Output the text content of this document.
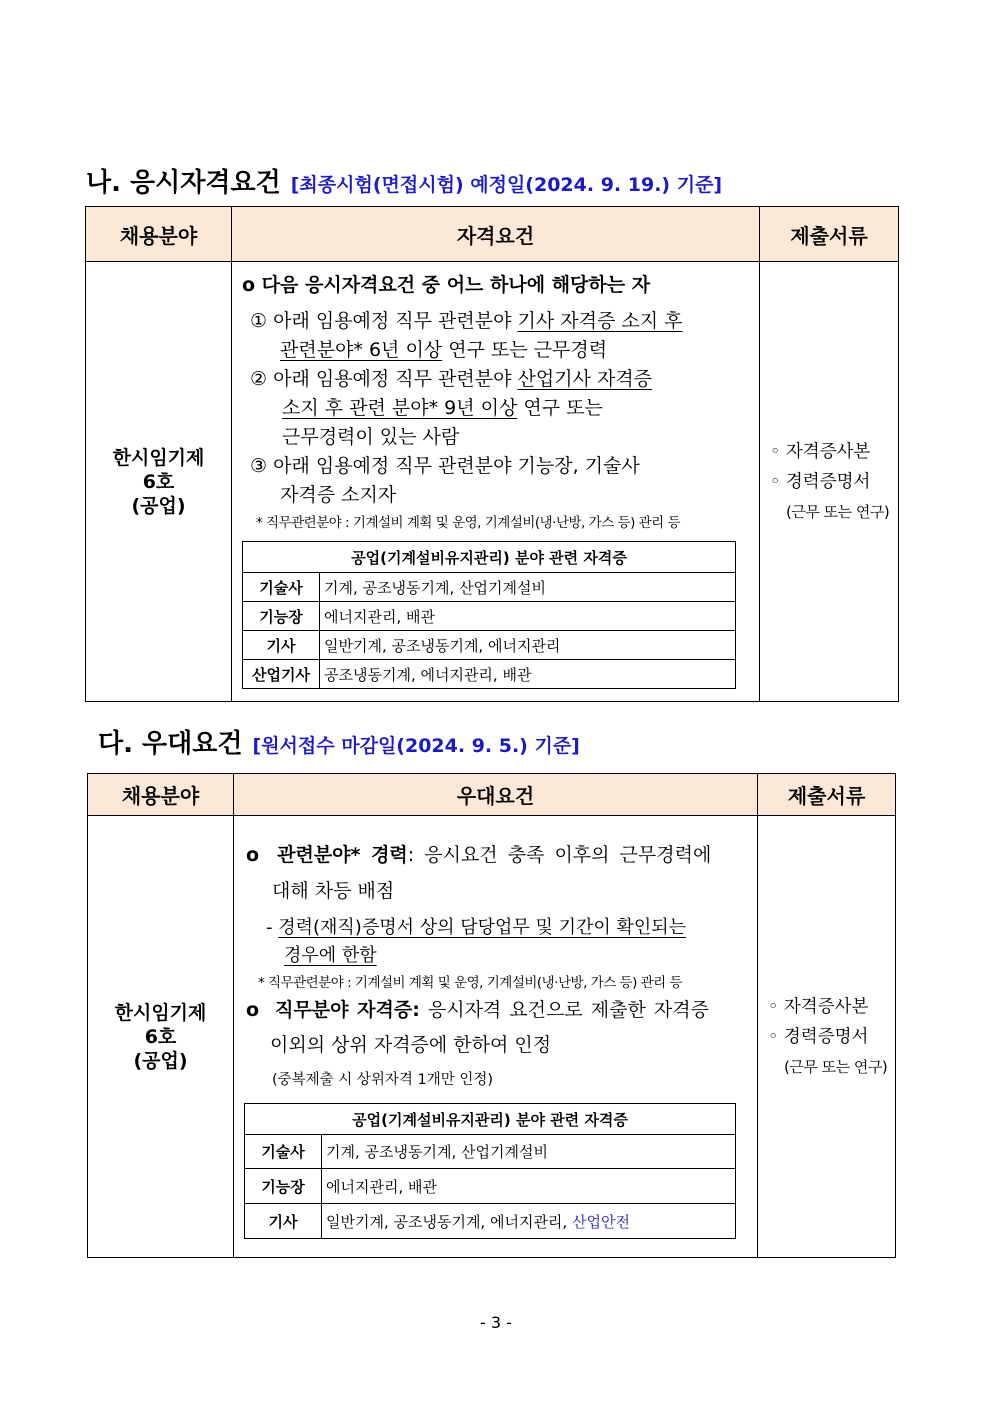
나. 응시자격요건 [최종시험(면접시험) 예정일(2024. 9. 19.) 기준]
채용분야	자격요건	제출서류

한시임기제
6호
(공업)

o 다음 응시자격요건 중 어느 하나에 해당하는 자
① 아래 임용예정 직무 관련분야 기사 자격증 소지 후
관련분야* 6년 이상 연구 또는 근무경력
② 아래 임용예정 직무 관련분야 산업기사 자격증
소지 후 관련 분야* 9년 이상 연구 또는
근무경력이 있는 사람
③ 아래 임용예정 직무 관련분야 기능장, 기술사
자격증 소지자
* 직무관련분야 : 기계설비 계획 및 운영, 기계설비(냉·난방, 가스 등) 관리 등
공업(기계설비유지관리) 분야 관련 자격증
기술사	기계, 공조냉동기계, 산업기계설비
기능장	에너지관리, 배관
기사	일반기계, 공조냉동기계, 에너지관리
산업기사	공조냉동기계, 에너지관리, 배관

◦ 자격증사본
◦ 경력증명서
(근무 또는 연구)
다. 우대요건 [원서접수 마감일(2024. 9. 5.) 기준]
채용분야	우대요건	제출서류

한시임기제
6호
(공업)

o 관련분야* 경력: 응시요건 충족 이후의 근무경력에
대해 차등 배점
- 경력(재직)증명서 상의 담당업무 및 기간이 확인되는
경우에 한함
* 직무관련분야 : 기계설비 계획 및 운영, 기계설비(냉·난방, 가스 등) 관리 등
o 직무분야 자격증: 응시자격 요건으로 제출한 자격증
이외의 상위 자격증에 한하여 인정
(중복제출 시 상위자격 1개만 인정)
공업(기계설비유지관리) 분야 관련 자격증
기술사	기계, 공조냉동기계, 산업기계설비
기능장	에너지관리, 배관
기사	일반기계, 공조냉동기계, 에너지관리, 산업안전

◦ 자격증사본
◦ 경력증명서
(근무 또는 연구)
- 3 -
